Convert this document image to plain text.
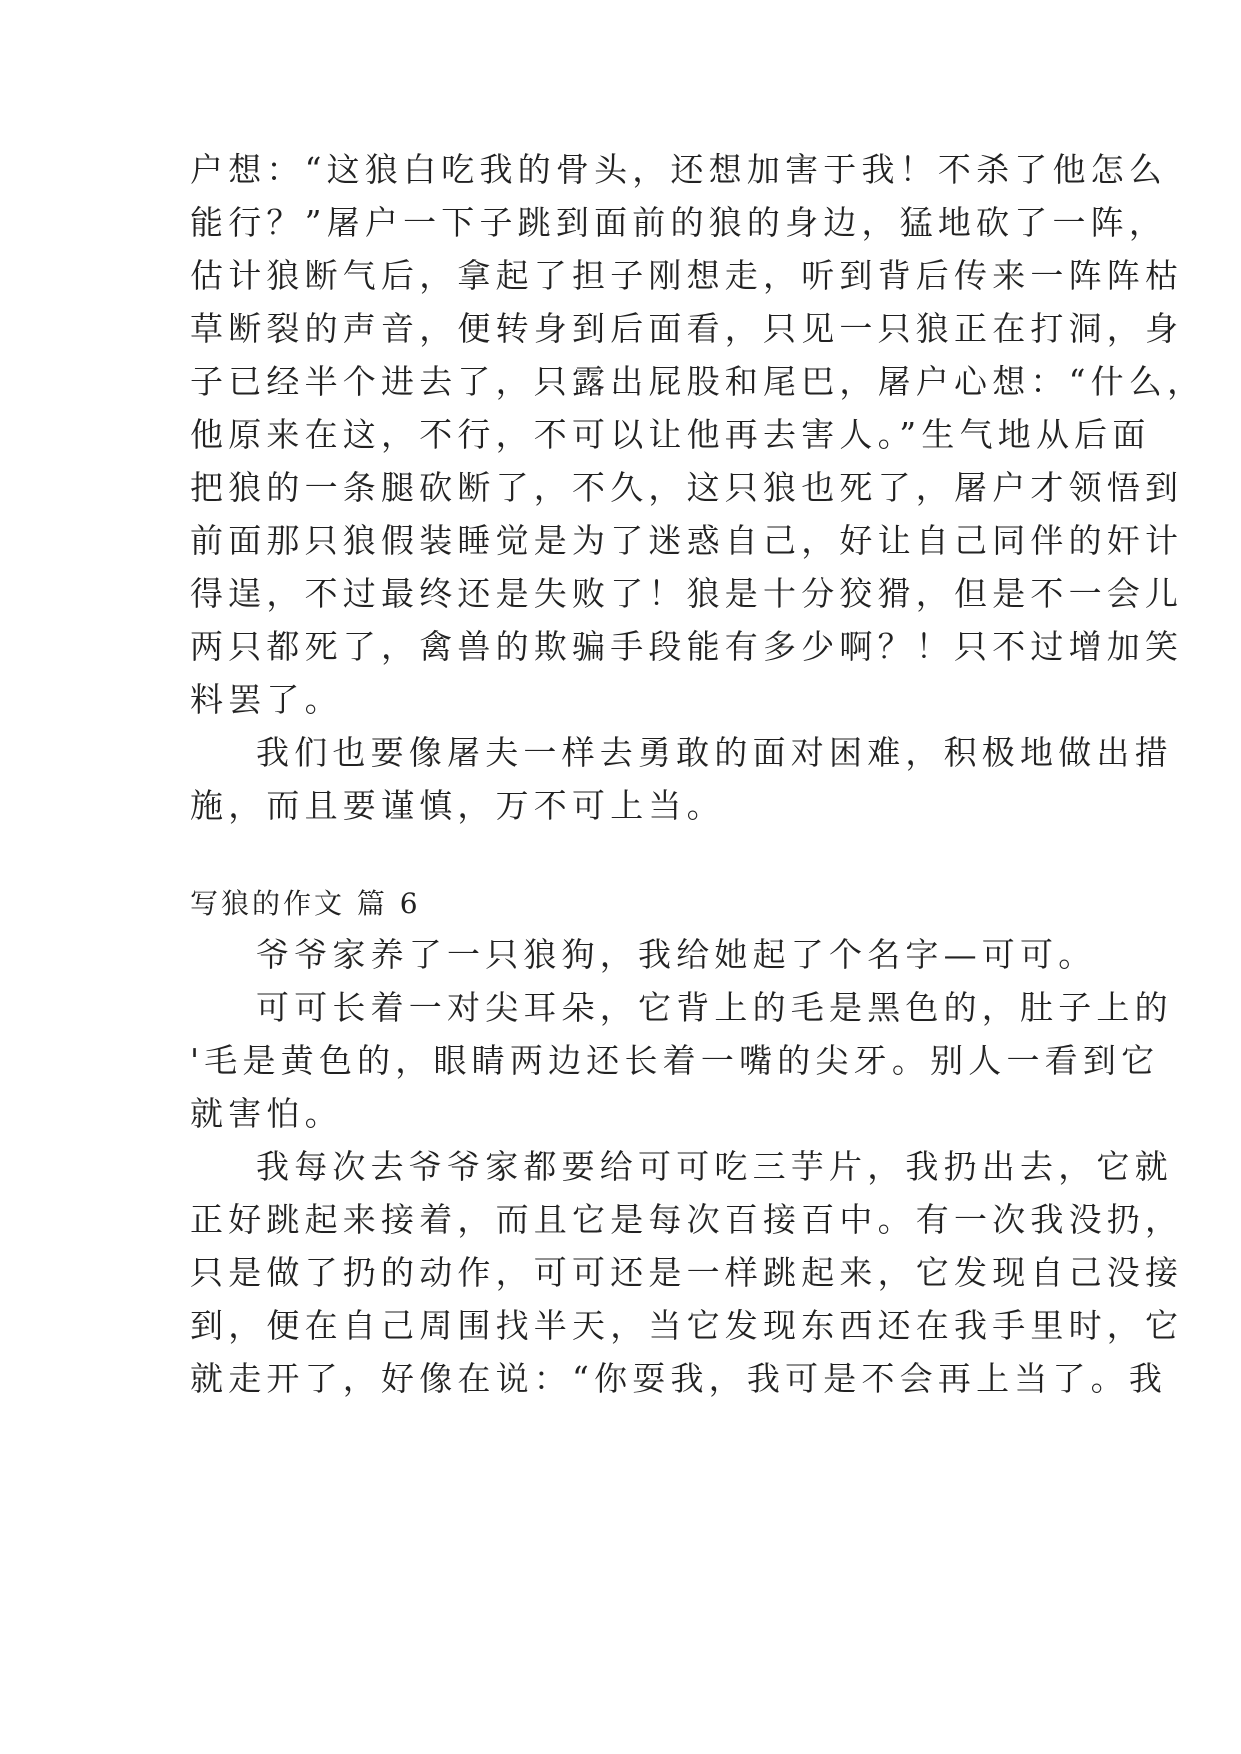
户想：“这狼白吃我的骨头，还想加害于我！不杀了他怎么
能行？”屠户一下子跳到面前的狼的身边，猛地砍了一阵，
估计狼断气后，拿起了担子刚想走，听到背后传来一阵阵枯
草断裂的声音，便转身到后面看，只见一只狼正在打洞，身
子已经半个进去了，只露出屁股和尾巴，屠户心想：“什么，
他原来在这，不行，不可以让他再去害人。”生气地从后面
把狼的一条腿砍断了，不久，这只狼也死了，屠户才领悟到
前面那只狼假装睡觉是为了迷惑自己，好让自己同伴的奸计
得逞，不过最终还是失败了！狼是十分狡猾，但是不一会儿
两只都死了，禽兽的欺骗手段能有多少啊？！只不过增加笑
料罢了。
我们也要像屠夫一样去勇敢的面对困难，积极地做出措
施，而且要谨慎，万不可上当。
写狼的作文 篇 6
爷爷家养了一只狼狗，我给她起了个名字—可可。
可可长着一对尖耳朵，它背上的毛是黑色的，肚子上的
'毛是黄色的，眼睛两边还长着一嘴的尖牙。别人一看到它
就害怕。
我每次去爷爷家都要给可可吃三芋片，我扔出去，它就
正好跳起来接着，而且它是每次百接百中。有一次我没扔，
只是做了扔的动作，可可还是一样跳起来，它发现自己没接
到，便在自己周围找半天，当它发现东西还在我手里时，它
就走开了，好像在说：“你耍我，我可是不会再上当了。我
